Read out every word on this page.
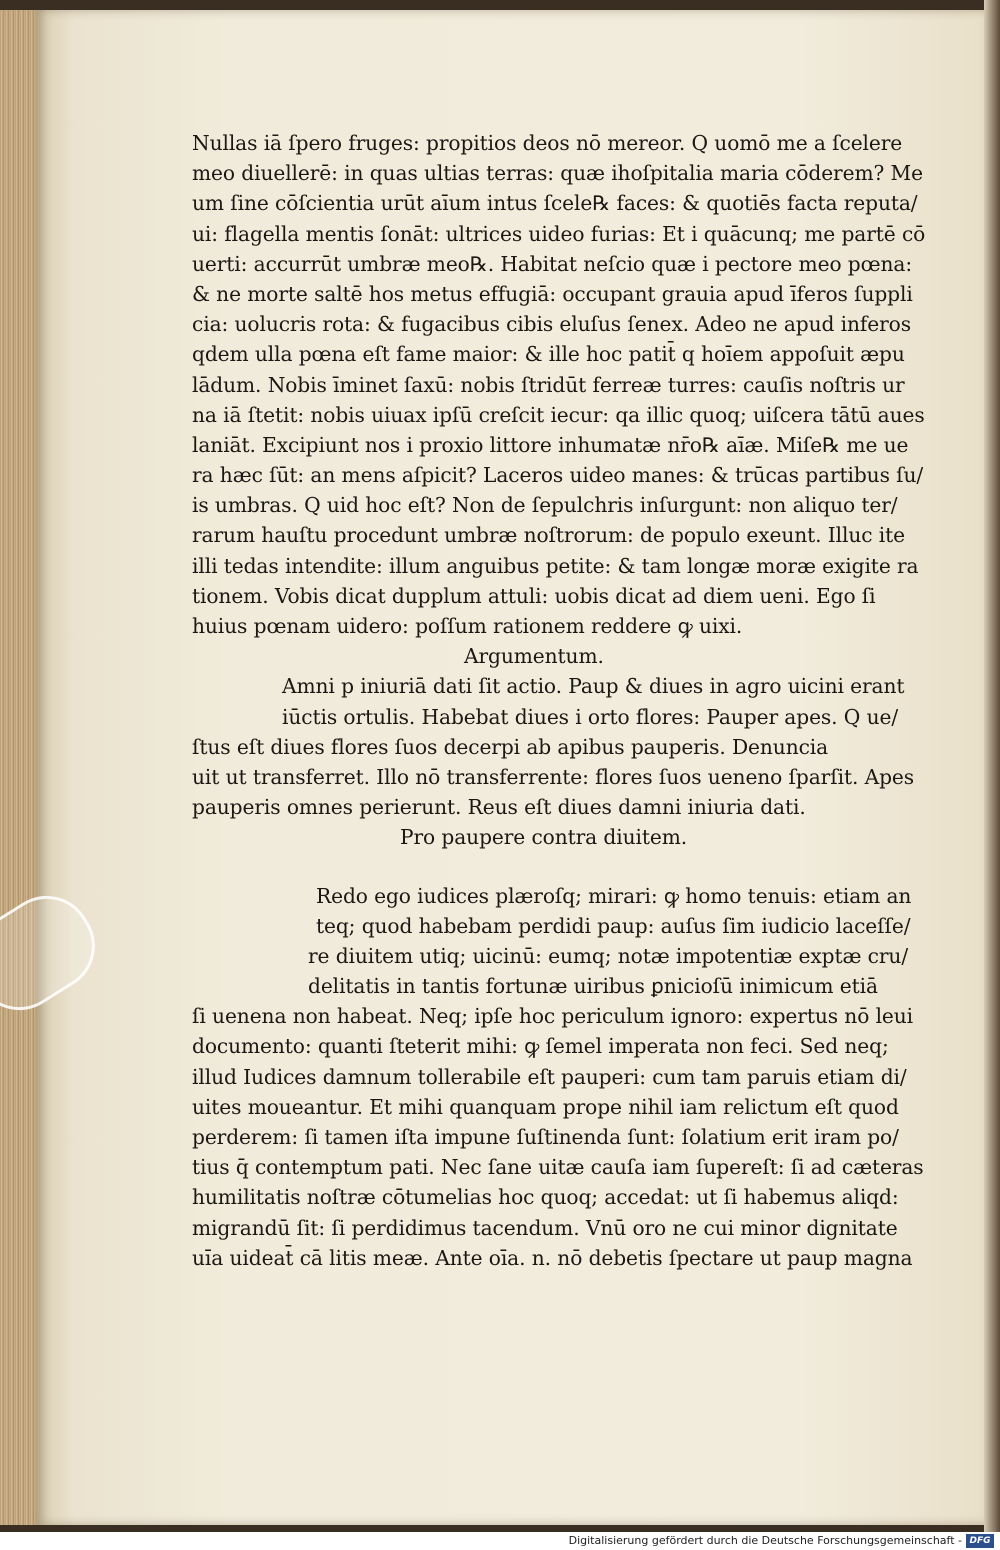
Nullas iā ſpero fruges: propitios deos nō mereor. Q uomō me a ſcelere
meo diuellerē: in quas ultias terras: quæ ihoſpitalia maria cōderem? Me
um ſine cōſcientia urūt aīum intus ſcele℞ faces: & quotiēs facta reputa/
ui: flagella mentis ſonāt: ultrices uideo furias: Et i quācunq; me partē cō
uerti: accurrūt umbræ meo℞. Habitat neſcio quæ i pectore meo pœna:
& ne morte saltē hos metus effugiā: occupant grauia apud īferos ſuppli
cia: uolucris rota: & fugacibus cibis eluſus ſenex. Adeo ne apud inferos
qdem ulla pœna eſt fame maior: & ille hoc patit̄ q hoīem appoſuit æpu
lādum. Nobis īminet ſaxū: nobis ſtridūt ferreæ turres: cauſis noſtris ur
na iā ſtetit: nobis uiuax ipſū creſcit iecur: qa illic quoq; uiſcera tātū aues
laniāt. Excipiunt nos i proxio littore inhumatæ nr̄o℞ aīæ. Miſe℞ me ue
ra hæc ſūt: an mens aſpicit? Laceros uideo manes: & trūcas partibus ſu/
is umbras. Q uid hoc eſt? Non de ſepulchris inſurgunt: non aliquo ter/
rarum hauſtu procedunt umbræ noſtrorum: de populo exeunt. Illuc ite
illi tedas intendite: illum anguibus petite: & tam longæ moræ exigite ra
tionem. Vobis dicat dupplum attuli: uobis dicat ad diem ueni. Ego ſi
huius pœnam uidero: poſſum rationem reddere ꝙ uixi.
Argumentum.
Amni p iniuriā dati ſit actio. Paup & diues in agro uicini erant
iūctis ortulis. Habebat diues i orto flores: Pauper apes. Q ue/
ſtus eſt diues flores ſuos decerpi ab apibus pauperis. Denuncia
uit ut transferret. Illo nō transferrente: flores ſuos ueneno ſparſit. Apes
pauperis omnes perierunt. Reus eſt diues damni iniuria dati.
Pro paupere contra diuitem.
Redo ego iudices plæroſq; mirari: ꝙ homo tenuis: etiam an
teq; quod habebam perdidi paup: auſus ſim iudicio laceſſe/
re diuitem utiq; uicinū: eumq; notæ impotentiæ exptæ cru/
delitatis in tantis fortunæ uiribus ꝑnicioſū inimicum etiā
ſi uenena non habeat. Neq; ipſe hoc periculum ignoro: expertus nō leui
documento: quanti ſteterit mihi: ꝙ ſemel imperata non feci. Sed neq;
illud Iudices damnum tollerabile eſt pauperi: cum tam paruis etiam di/
uites moueantur. Et mihi quanquam prope nihil iam relictum eſt quod
perderem: ſi tamen iſta impune ſuſtinenda ſunt: ſolatium erit iram po/
tius q̄ contemptum pati. Nec ſane uitæ cauſa iam ſupereſt: ſi ad cæteras
humilitatis noſtræ cōtumelias hoc quoq; accedat: ut ſi habemus aliqd:
migrandū ſit: ſi perdidimus tacendum. Vnū oro ne cui minor dignitate
uı̄a uideat̄ cā litis meæ. Ante oīa. n. nō debetis ſpectare ut paup magna
Digitalisierung gefördert durch die Deutsche Forschungsgemeinschaft - DFG
